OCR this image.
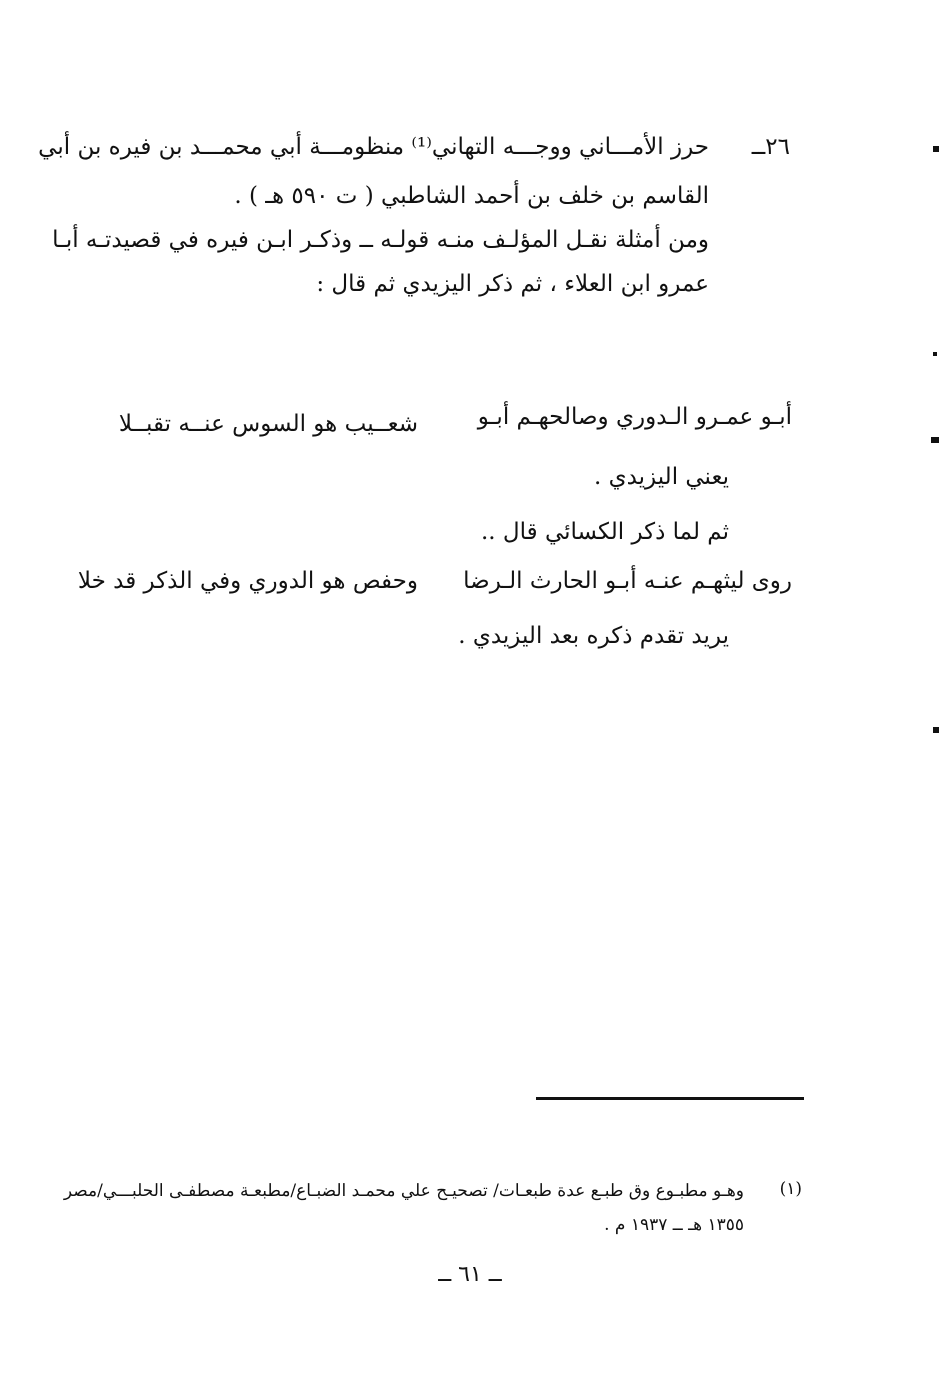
٢٦ــ
حرز الأمـــاني ووجـــه التهاني⁽¹⁾ منظومـــة أبي محمـــد بن فيره بن أبي
القاسم بن خلف بن أحمد الشاطبي ( ت ٥٩٠ هـ ) .
ومن أمثلة نقـل المؤلـف منـه قولـه ــ وذكـر ابـن فيره في قصيدتـه أبـا
عمرو ابن العلاء ، ثم ذكر اليزيدي ثم قال :
أبـو عمـرو الـدوري وصالحهـم أبـو
شعــيب هو السوس عنــه تقبــلا
يعني اليزيدي .
ثم لما ذكر الكسائي قال ..
روى ليثهـم عنـه أبـو الحارث الـرضا
وحفص هو الدوري وفي الذكر قد خلا
يريد تقدم ذكره بعد اليزيدي .
(١)
وهـو مطبـوع وق طبـع عدة طبعـات/ تصحيـح علي محمـد الضبـاع/مطبعـة مصطفـى الحلبـــي/مصر
١٣٥٥ هـ ــ ١٩٣٧ م .
ــ ٦١ ــ
